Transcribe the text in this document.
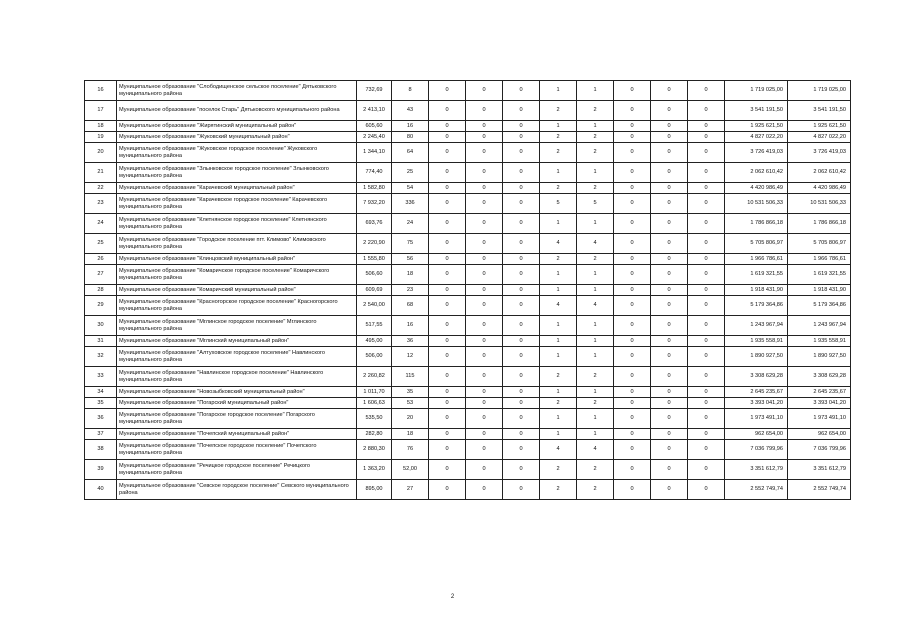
16	Муниципальное образование "Слободищенское сельское поселение" Дятьковского муниципального района	732,69	8	0	0	0	1	1	0	0	0	1 719 025,00	1 719 025,00
17	Муниципальное образование "поселок Старь" Дятьковского муниципального района	2 413,10	43	0	0	0	2	2	0	0	0	3 541 191,50	3 541 191,50
18	Муниципальное образование "Жирятинский муниципальный район"	605,60	16	0	0	0	1	1	0	0	0	1 925 621,50	1 925 621,50
19	Муниципальное образование "Жуковский муниципальный район"	2 245,40	80	0	0	0	2	2	0	0	0	4 827 022,20	4 827 022,20
20	Муниципальное образование "Жуковское городское поселение" Жуковского муниципального района	1 344,10	64	0	0	0	2	2	0	0	0	3 726 419,03	3 726 419,03
21	Муниципальное образование "Злынковское городское поселение" Злынковского муниципального района	774,40	25	0	0	0	1	1	0	0	0	2 062 610,42	2 062 610,42
22	Муниципальное образование "Карачевский муниципальный район"	1 582,80	54	0	0	0	2	2	0	0	0	4 420 986,49	4 420 986,49
23	Муниципальное образование "Карачевское городское поселение" Карачевского муниципального района	7 932,20	336	0	0	0	5	5	0	0	0	10 531 506,33	10 531 506,33
24	Муниципальное образование "Клетнянское городское поселение" Клетнянского муниципального района	693,76	24	0	0	0	1	1	0	0	0	1 786 866,18	1 786 866,18
25	Муниципальное образование "Городское поселение пгт. Климово" Климовского муниципального района	2 220,90	75	0	0	0	4	4	0	0	0	5 705 806,97	5 705 806,97
26	Муниципальное образование "Клинцовский муниципальный район"	1 555,80	56	0	0	0	2	2	0	0	0	1 966 786,61	1 966 786,61
27	Муниципальное образование "Комаричское городское поселение" Комаричского муниципального района	506,60	18	0	0	0	1	1	0	0	0	1 619 321,55	1 619 321,55
28	Муниципальное образование "Комаричский муниципальный район"	609,69	23	0	0	0	1	1	0	0	0	1 918 431,90	1 918 431,90
29	Муниципальное образование "Красногорское городское поселение" Красногорского муниципального района	2 540,00	68	0	0	0	4	4	0	0	0	5 179 364,86	5 179 364,86
30	Муниципальное образование "Мглинское городское поселение" Мглинского муниципального района	517,55	16	0	0	0	1	1	0	0	0	1 243 967,94	1 243 967,94
31	Муниципальное образование "Мглинский муниципальный район"	495,00	36	0	0	0	1	1	0	0	0	1 935 558,91	1 935 558,91
32	Муниципальное образование "Алтуховское городское поселение" Навлинского муниципального района	506,00	12	0	0	0	1	1	0	0	0	1 890 927,50	1 890 927,50
33	Муниципальное образование "Навлинское городское поселение" Навлинского муниципального района	2 260,82	115	0	0	0	2	2	0	0	0	3 308 629,28	3 308 629,28
34	Муниципальное образование "Новозыбковский муниципальный район"	1 011,70	35	0	0	0	1	1	0	0	0	2 645 235,67	2 645 235,67
35	Муниципальное образование "Погарский муниципальный район"	1 606,63	53	0	0	0	2	2	0	0	0	3 393 041,20	3 393 041,20
36	Муниципальное образование "Погарское городское поселение" Погарского муниципального района	535,50	20	0	0	0	1	1	0	0	0	1 973 491,10	1 973 491,10
37	Муниципальное образование "Почепский муниципальный район"	282,80	18	0	0	0	1	1	0	0	0	962 654,00	962 654,00
38	Муниципальное образование "Почепское городское поселение" Почепского муниципального района	2 880,30	76	0	0	0	4	4	0	0	0	7 036 799,96	7 036 799,96
39	Муниципальное образование "Речицкое городское поселение" Речицкого муниципального района	1 363,20	52,00	0	0	0	2	2	0	0	0	3 351 612,79	3 351 612,79
40	Муниципальное образование "Севское городское поселение" Севского муниципального района	895,00	27	0	0	0	2	2	0	0	0	2 552 749,74	2 552 749,74
2
